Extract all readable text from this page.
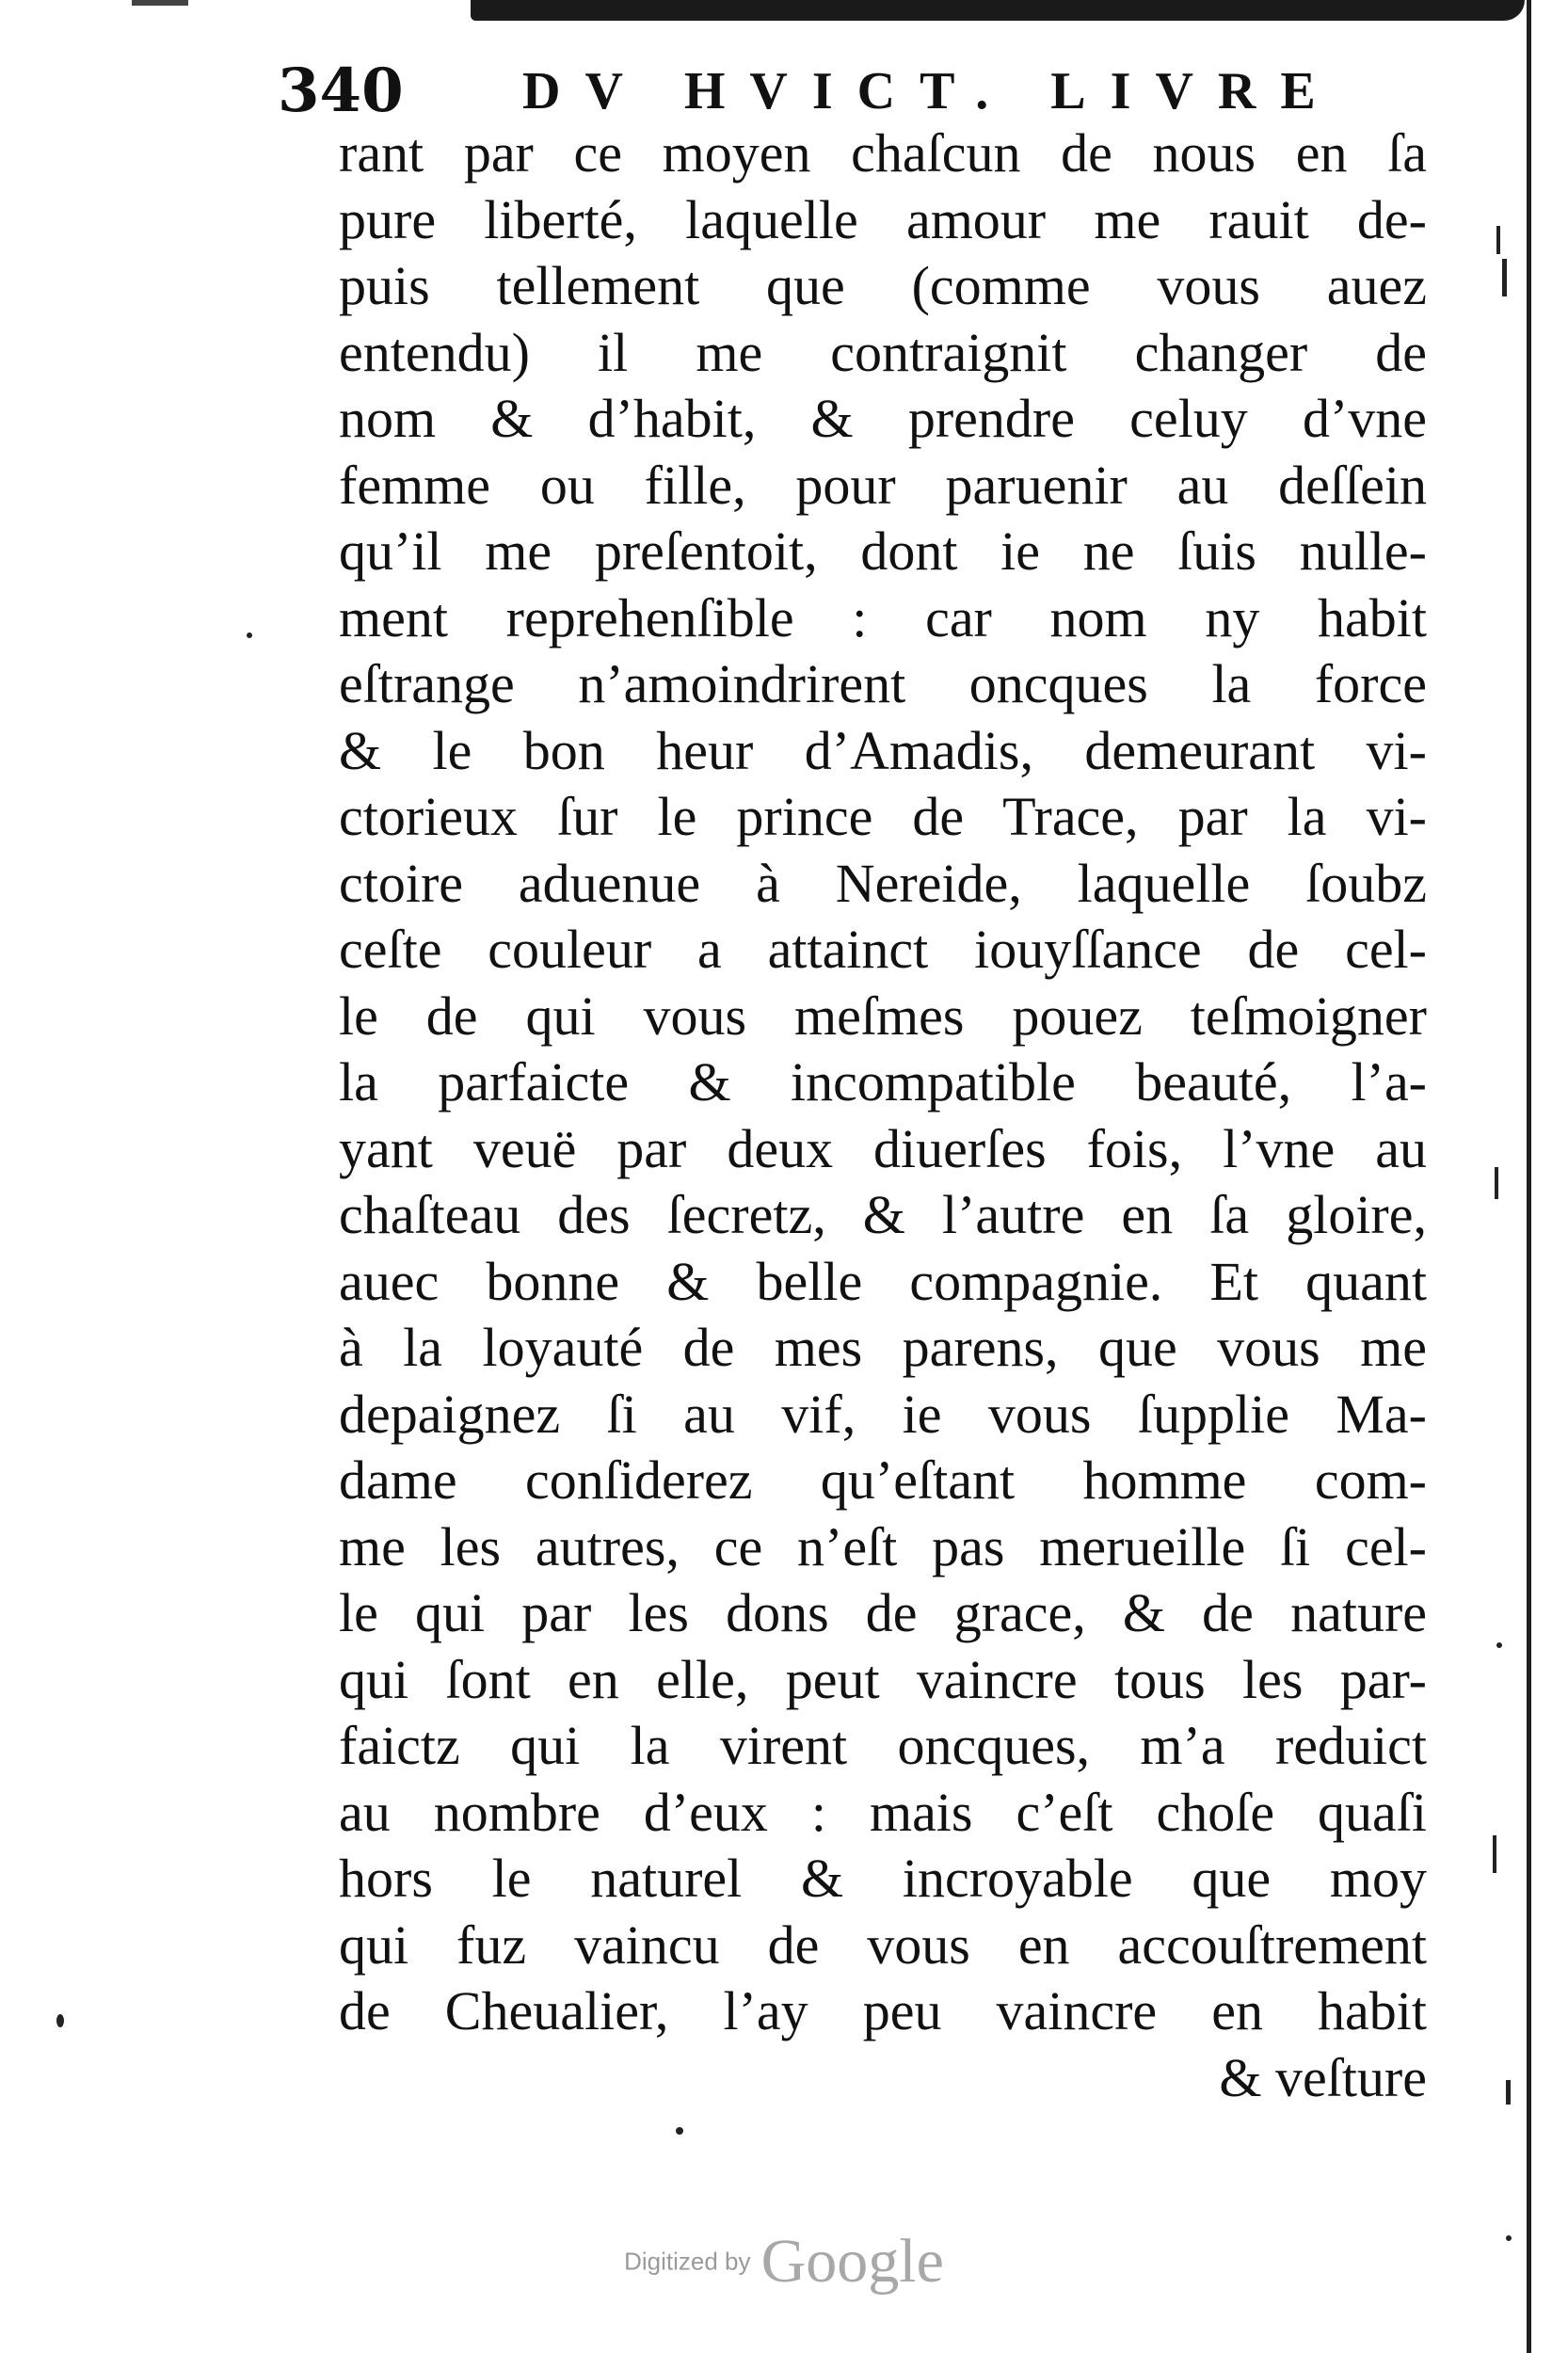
340 DV HVICT. LIVRE
rant par ce moyen chaſcun de nous en ſa
pure liberté, laquelle amour me rauit de-
puis tellement que (comme vous auez
entendu) il me contraignit changer de
nom & d’habit, & prendre celuy d’vne
femme ou fille, pour paruenir au deſſein
qu’il me preſentoit, dont ie ne ſuis nulle-
ment reprehenſible : car nom ny habit
eſtrange n’amoindrirent oncques la force
& le bon heur d’Amadis, demeurant vi-
ctorieux ſur le prince de Trace, par la vi-
ctoire aduenue à Nereide, laquelle ſoubz
ceſte couleur a attainct iouyſſance de cel-
le de qui vous meſmes pouez teſmoigner
la parfaicte & incompatible beauté, l’a-
yant veuë par deux diuerſes fois, l’vne au
chaſteau des ſecretz, & l’autre en ſa gloire,
auec bonne & belle compagnie. Et quant
à la loyauté de mes parens, que vous me
depaignez ſi au vif, ie vous ſupplie Ma-
dame conſiderez qu’eſtant homme com-
me les autres, ce n’eſt pas merueille ſi cel-
le qui par les dons de grace, & de nature
qui ſont en elle, peut vaincre tous les par-
faictz qui la virent oncques, m’a reduict
au nombre d’eux : mais c’eſt choſe quaſi
hors le naturel & incroyable que moy
qui fuz vaincu de vous en accouſtrement
de Cheualier, l’ay peu vaincre en habit
& veſture
Digitized by Google
